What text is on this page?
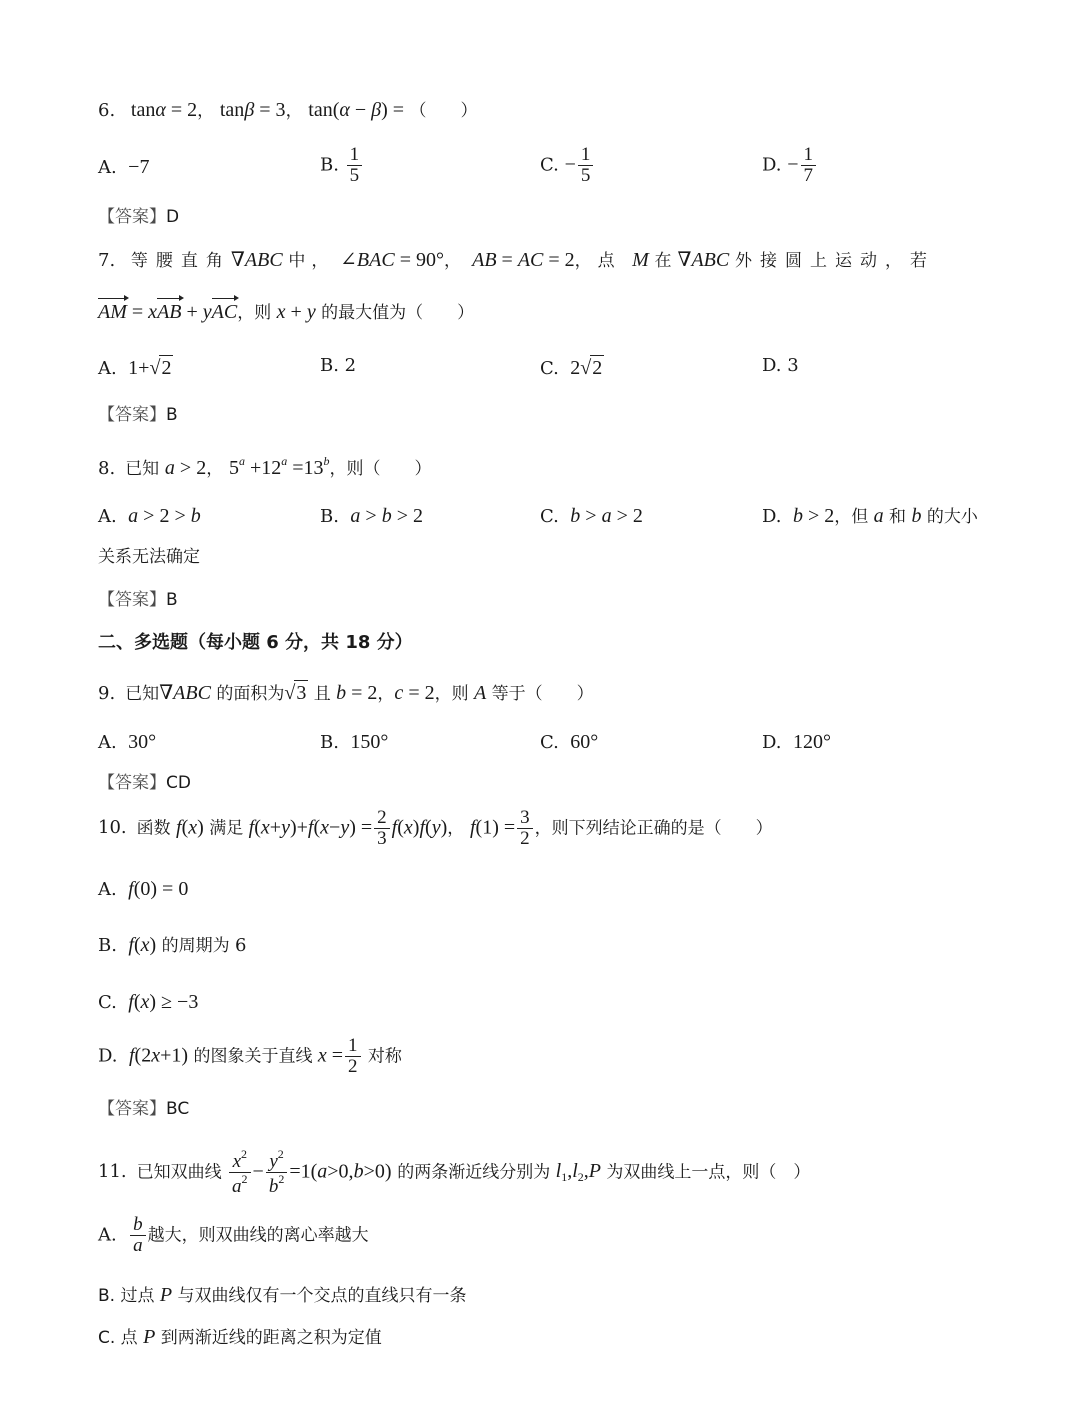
6. tanα = 2， tanβ = 3， tan(α − β) = （　　）
A.  −7	B. $\frac{1}{5}$	C. − $\frac{1}{5}$	D. − $\frac{1}{7}$
【答案】D
7. 等腰直角∇ABC 中， ∠BAC = 90°，  AB = AC = 2，点 M 在∇ABC 外接圆上运动，若
AM = xAB + yAC，则 x + y 的最大值为（　　）
A.  1+√2	B. 2	C.  2√2	D. 3
【答案】B
8. 已知 a > 2， $5^a +12^a =13^b$，则（　　）
A.  a > 2 > b	B.  a > b > 2	C.  b > a > 2	D.  b > 2，但 a 和 b 的大小
关系无法确定
【答案】B
二、多选题（每小题 6 分，共 18 分）
9. 已知∇ABC 的面积为√3 且 b = 2，c = 2，则 A 等于（　　）
A.  30°	B.  150°	C.  60°	D.  120°
【答案】CD
10. 函数 f(x) 满足 $f(x+y)+f(x-y) = \frac{2}{3} f(x)f(y)$， $f(1) = \frac{3}{2}$ ，则下列结论正确的是（　　）
A.  f(0) = 0
B.  f(x) 的周期为 6
C.  f(x) ≥ −3
D.  f(2x+1) 的图象关于直线 $x = \frac{1}{2}$ 对称
【答案】BC
11. 已知双曲线 $\frac{x^2}{a^2} - \frac{y^2}{b^2} =1(a>0,b>0)$ 的两条渐近线分别为 $l_1,l_2,P$ 为双曲线上一点，则（　）
A. $\frac{b}{a}$ 越大，则双曲线的离心率越大
B. 过点 P 与双曲线仅有一个交点的直线只有一条
C. 点 P 到两渐近线的距离之积为定值
